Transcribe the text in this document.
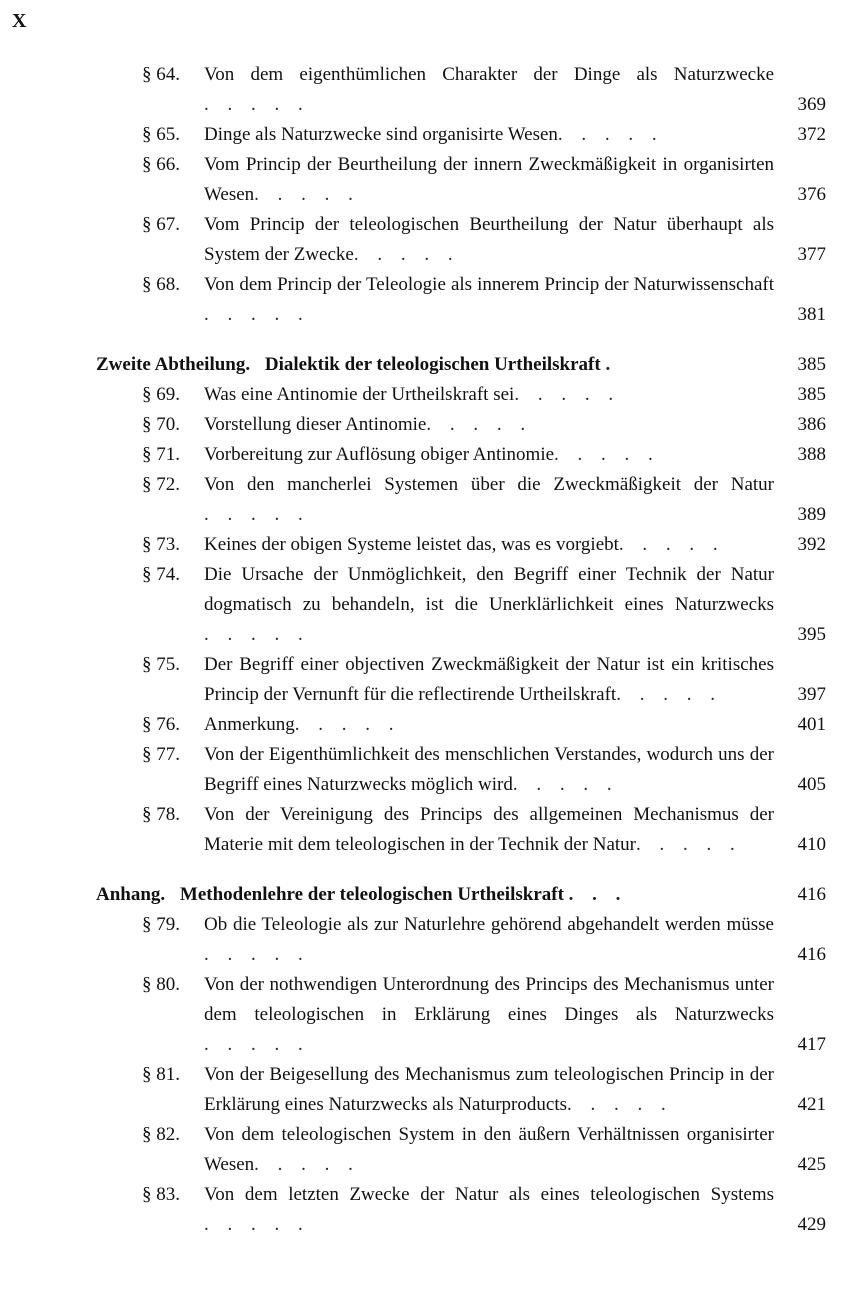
X
§ 64.	Von dem eigenthümlichen Charakter der Dinge als Naturzwecke. . . . .	369
§ 65.	Dinge als Naturzwecke sind organisirte Wesen. . . . .	372
§ 66.	Vom Princip der Beurtheilung der innern Zweckmäßigkeit in organisirten Wesen. . . . .	376
§ 67.	Vom Princip der teleologischen Beurtheilung der Natur überhaupt als System der Zwecke. . . . .	377
§ 68.	Von dem Princip der Teleologie als innerem Princip der Naturwissenschaft. . . . .	381
Zweite Abtheilung. Dialektik der teleologischen Urtheilskraft .	385
§ 69.	Was eine Antinomie der Urtheilskraft sei. . . . .	385
§ 70.	Vorstellung dieser Antinomie. . . . .	386
§ 71.	Vorbereitung zur Auflösung obiger Antinomie. . . . .	388
§ 72.	Von den mancherlei Systemen über die Zweckmäßigkeit der Natur. . . . .	389
§ 73.	Keines der obigen Systeme leistet das, was es vorgiebt. . . . .	392
§ 74.	Die Ursache der Unmöglichkeit, den Begriff einer Technik der Natur dogmatisch zu behandeln, ist die Unerklärlichkeit eines Naturzwecks. . . . .	395
§ 75.	Der Begriff einer objectiven Zweckmäßigkeit der Natur ist ein kritisches Princip der Vernunft für die reflectirende Urtheilskraft. . . . .	397
§ 76.	Anmerkung. . . . .	401
§ 77.	Von der Eigenthümlichkeit des menschlichen Verstandes, wodurch uns der Begriff eines Naturzwecks möglich wird. . . . .	405
§ 78.	Von der Vereinigung des Princips des allgemeinen Mechanismus der Materie mit dem teleologischen in der Technik der Natur. . . . .	410
Anhang. Methodenlehre der teleologischen Urtheilskraft . . .	416
§ 79.	Ob die Teleologie als zur Naturlehre gehörend abgehandelt werden müsse. . . . .	416
§ 80.	Von der nothwendigen Unterordnung des Princips des Mechanismus unter dem teleologischen in Erklärung eines Dinges als Naturzwecks. . . . .	417
§ 81.	Von der Beigesellung des Mechanismus zum teleologischen Princip in der Erklärung eines Naturzwecks als Naturproducts. . . . .	421
§ 82.	Von dem teleologischen System in den äußern Verhältnissen organisirter Wesen. . . . .	425
§ 83.	Von dem letzten Zwecke der Natur als eines teleologischen Systems. . . . .	429
